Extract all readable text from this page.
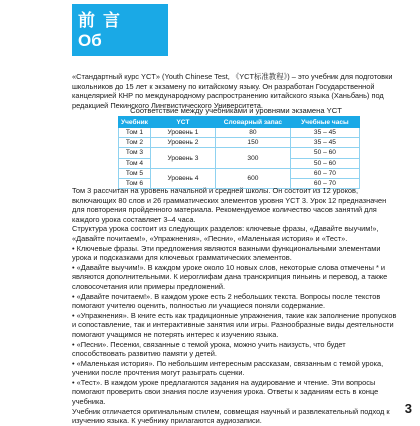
前言
Об издании
«Стандартный курс YCT» (Youth Chinese Test, 《YCT标准教程》) – это учебник для подготовки школьников до 15 лет к экзамену по китайскому языку. Он разработан Государственной канцелярией КНР по международному распространению китайского языка (Ханьбань) под редакцией Пекинского Лингвистического Университета.
Соответствие между учебниками и уровнями экзамена YCT
Учебник	YCT	Словарный запас	Учебные часы
Том 1	Уровень 1	80	35 – 45
Том 2	Уровень 2	150	35 – 45
Том 3	Уровень 3	300	50 – 60
Том 4			50 – 60
Том 5	Уровень 4	600	60 – 70
Том 6			60 – 70
Том 3 рассчитан на уровень начальной и средней школы. Он состоит из 12 уроков, включающих 80 слов и 26 грамматических элементов уровня YCT 3. Урок 12 предназначен для повторения пройденного материала. Рекомендуемое количество часов занятий для каждого урока составляет 3–4 часа.
Структура урока состоит из следующих разделов: ключевые фразы, «Давайте выучим!», «Давайте почитаем!», «Упражнения», «Песни», «Маленькая история» и «Тест».
• Ключевые фразы. Эти предложения являются важными функциональными элементами урока и подсказками для ключевых грамматических элементов.
• «Давайте выучим!». В каждом уроке около 10 новых слов, некоторые слова отмечены * и являются дополнительными. К иероглифам дана транскрипция пиньинь и перевод, а также словосочетания или примеры предложений.
• «Давайте почитаем!». В каждом уроке есть 2 небольших текста. Вопросы после текстов помогают учителю оценить, полностью ли учащиеся поняли содержание.
• «Упражнения». В книге есть как традиционные упражнения, такие как заполнение пропусков и сопоставление, так и интерактивные занятия или игры. Разнообразные виды деятельности помогают учащимся не потерять интерес к изучению языка.
• «Песни». Песенки, связанные с темой урока, можно учить наизусть, что будет способствовать развитию памяти у детей.
• «Маленькая история». По небольшим интересным рассказам, связанным с темой урока, ученики после прочтения могут разыграть сценки.
• «Тест». В каждом уроке предлагаются задания на аудирование и чтение. Эти вопросы помогают проверить свои знания после изучения урока. Ответы к заданиям есть в конце учебника.
Учебник отличается оригинальным стилем, совмещая научный и развлекательный подход к изучению языка. К учебнику прилагаются аудиозаписи.
3
